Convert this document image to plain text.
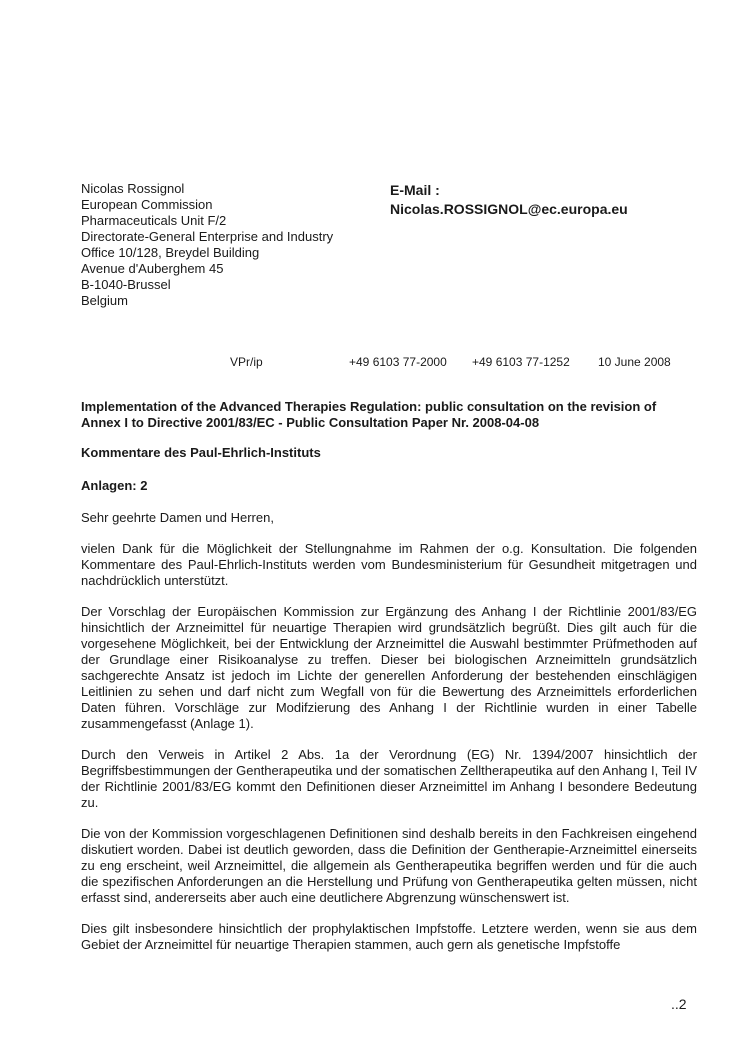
Nicolas Rossignol
European Commission
Pharmaceuticals Unit F/2
Directorate-General Enterprise and Industry
Office 10/128, Breydel Building
Avenue d'Auberghem 45
B-1040-Brussel
Belgium
E-Mail :
Nicolas.ROSSIGNOL@ec.europa.eu
VPr/ip	+49 6103 77-2000 +49 6103 77-1252 10 June 2008
Implementation of the Advanced Therapies Regulation: public consultation on the revision of Annex I to Directive 2001/83/EC - Public Consultation Paper Nr. 2008-04-08
Kommentare des Paul-Ehrlich-Instituts
Anlagen: 2
Sehr geehrte Damen und Herren,

vielen Dank für die Möglichkeit der Stellungnahme im Rahmen der o.g. Konsultation. Die folgenden Kommentare des Paul-Ehrlich-Instituts werden vom Bundesministerium für Gesundheit mitgetragen und nachdrücklich unterstützt.

Der Vorschlag der Europäischen Kommission zur Ergänzung des Anhang I der Richtlinie 2001/83/EG hinsichtlich der Arzneimittel für neuartige Therapien wird grundsätzlich begrüßt. Dies gilt auch für die vorgesehene Möglichkeit, bei der Entwicklung der Arzneimittel die Auswahl bestimmter Prüfmethoden auf der Grundlage einer Risikoanalyse zu treffen. Dieser bei biologischen Arzneimitteln grundsätzlich sachgerechte Ansatz ist jedoch im Lichte der generellen Anforderung der bestehenden einschlägigen Leitlinien zu sehen und darf nicht zum Wegfall von für die Bewertung des Arzneimittels erforderlichen Daten führen. Vorschläge zur Modifzierung des Anhang I der Richtlinie wurden in einer Tabelle zusammengefasst (Anlage 1).

Durch den Verweis in Artikel 2 Abs. 1a der Verordnung (EG) Nr. 1394/2007 hinsichtlich der Begriffsbestimmungen der Gentherapeutika und der somatischen Zelltherapeutika auf den Anhang I, Teil IV der Richtlinie 2001/83/EG kommt den Definitionen dieser Arzneimittel im Anhang I besondere Bedeutung zu.

Die von der Kommission vorgeschlagenen Definitionen sind deshalb bereits in den Fachkreisen eingehend diskutiert worden. Dabei ist deutlich geworden, dass die Definition der Gentherapie-Arzneimittel einerseits zu eng erscheint, weil Arzneimittel, die allgemein als Gentherapeutika begriffen werden und für die auch die spezifischen Anforderungen an die Herstellung und Prüfung von Gentherapeutika gelten müssen, nicht erfasst sind, andererseits aber auch eine deutlichere Abgrenzung wünschenswert ist.

Dies gilt insbesondere hinsichtlich der prophylaktischen Impfstoffe. Letztere werden, wenn sie aus dem Gebiet der Arzneimittel für neuartige Therapien stammen, auch gern als genetische Impfstoffe

..2
